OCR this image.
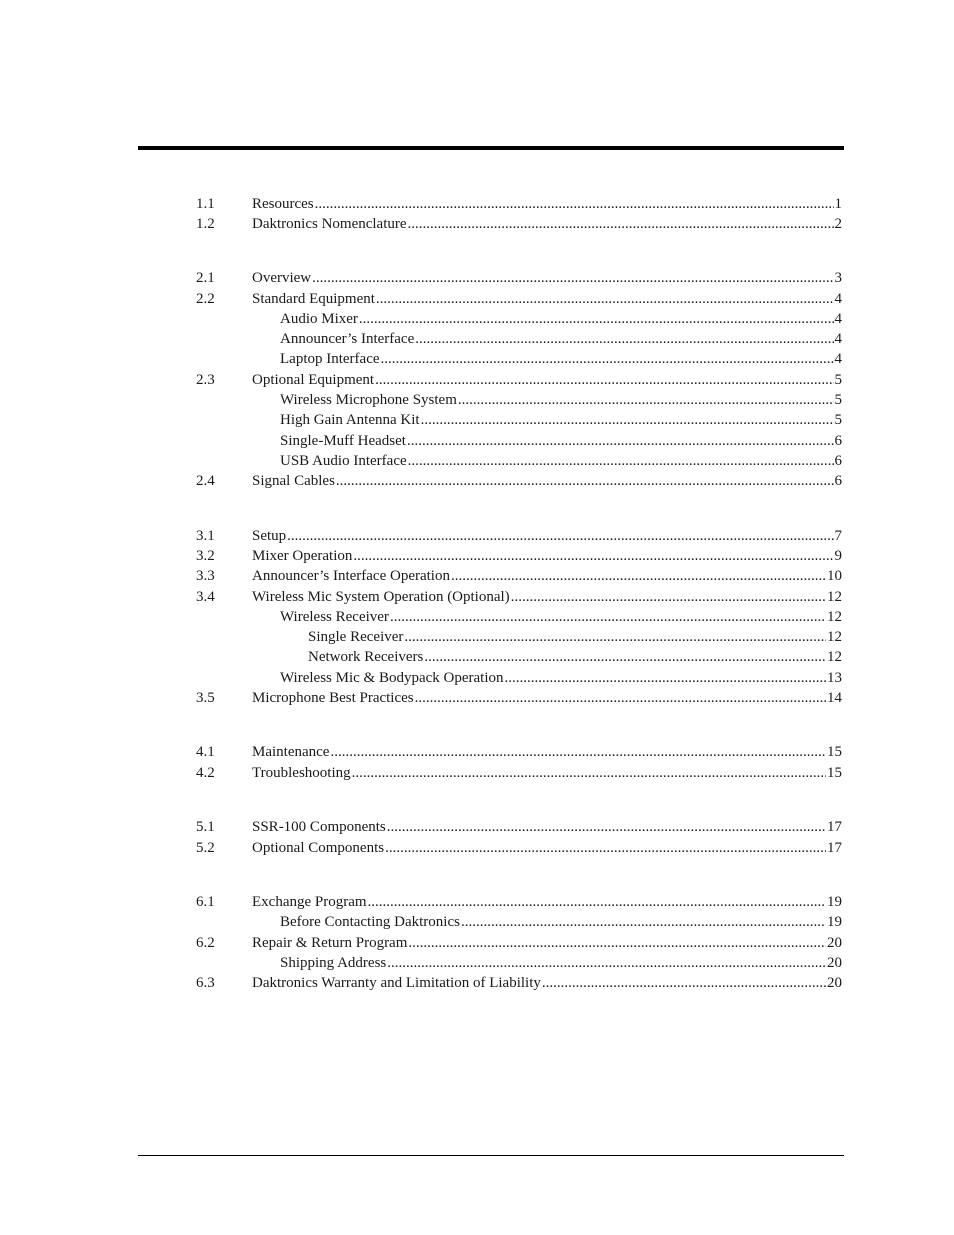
1.1	Resources .....	1
1.2	Daktronics Nomenclature .....	2
2.1	Overview .....	3
2.2	Standard Equipment .....	4
Audio Mixer .....	4
Announcer’s Interface .....	4
Laptop Interface .....	4
2.3	Optional Equipment .....	5
Wireless Microphone System .....	5
High Gain Antenna Kit .....	5
Single-Muff Headset .....	6
USB Audio Interface .....	6
2.4	Signal Cables .....	6
3.1	Setup .....	7
3.2	Mixer Operation .....	9
3.3	Announcer’s Interface Operation .....	10
3.4	Wireless Mic System Operation (Optional) .....	12
Wireless Receiver .....	12
Single Receiver .....	12
Network Receivers .....	12
Wireless Mic & Bodypack Operation .....	13
3.5	Microphone Best Practices .....	14
4.1	Maintenance .....	15
4.2	Troubleshooting .....	15
5.1	SSR-100 Components .....	17
5.2	Optional Components .....	17
6.1	Exchange Program .....	19
Before Contacting Daktronics .....	19
6.2	Repair & Return Program .....	20
Shipping Address .....	20
6.3	Daktronics Warranty and Limitation of Liability .....	20
